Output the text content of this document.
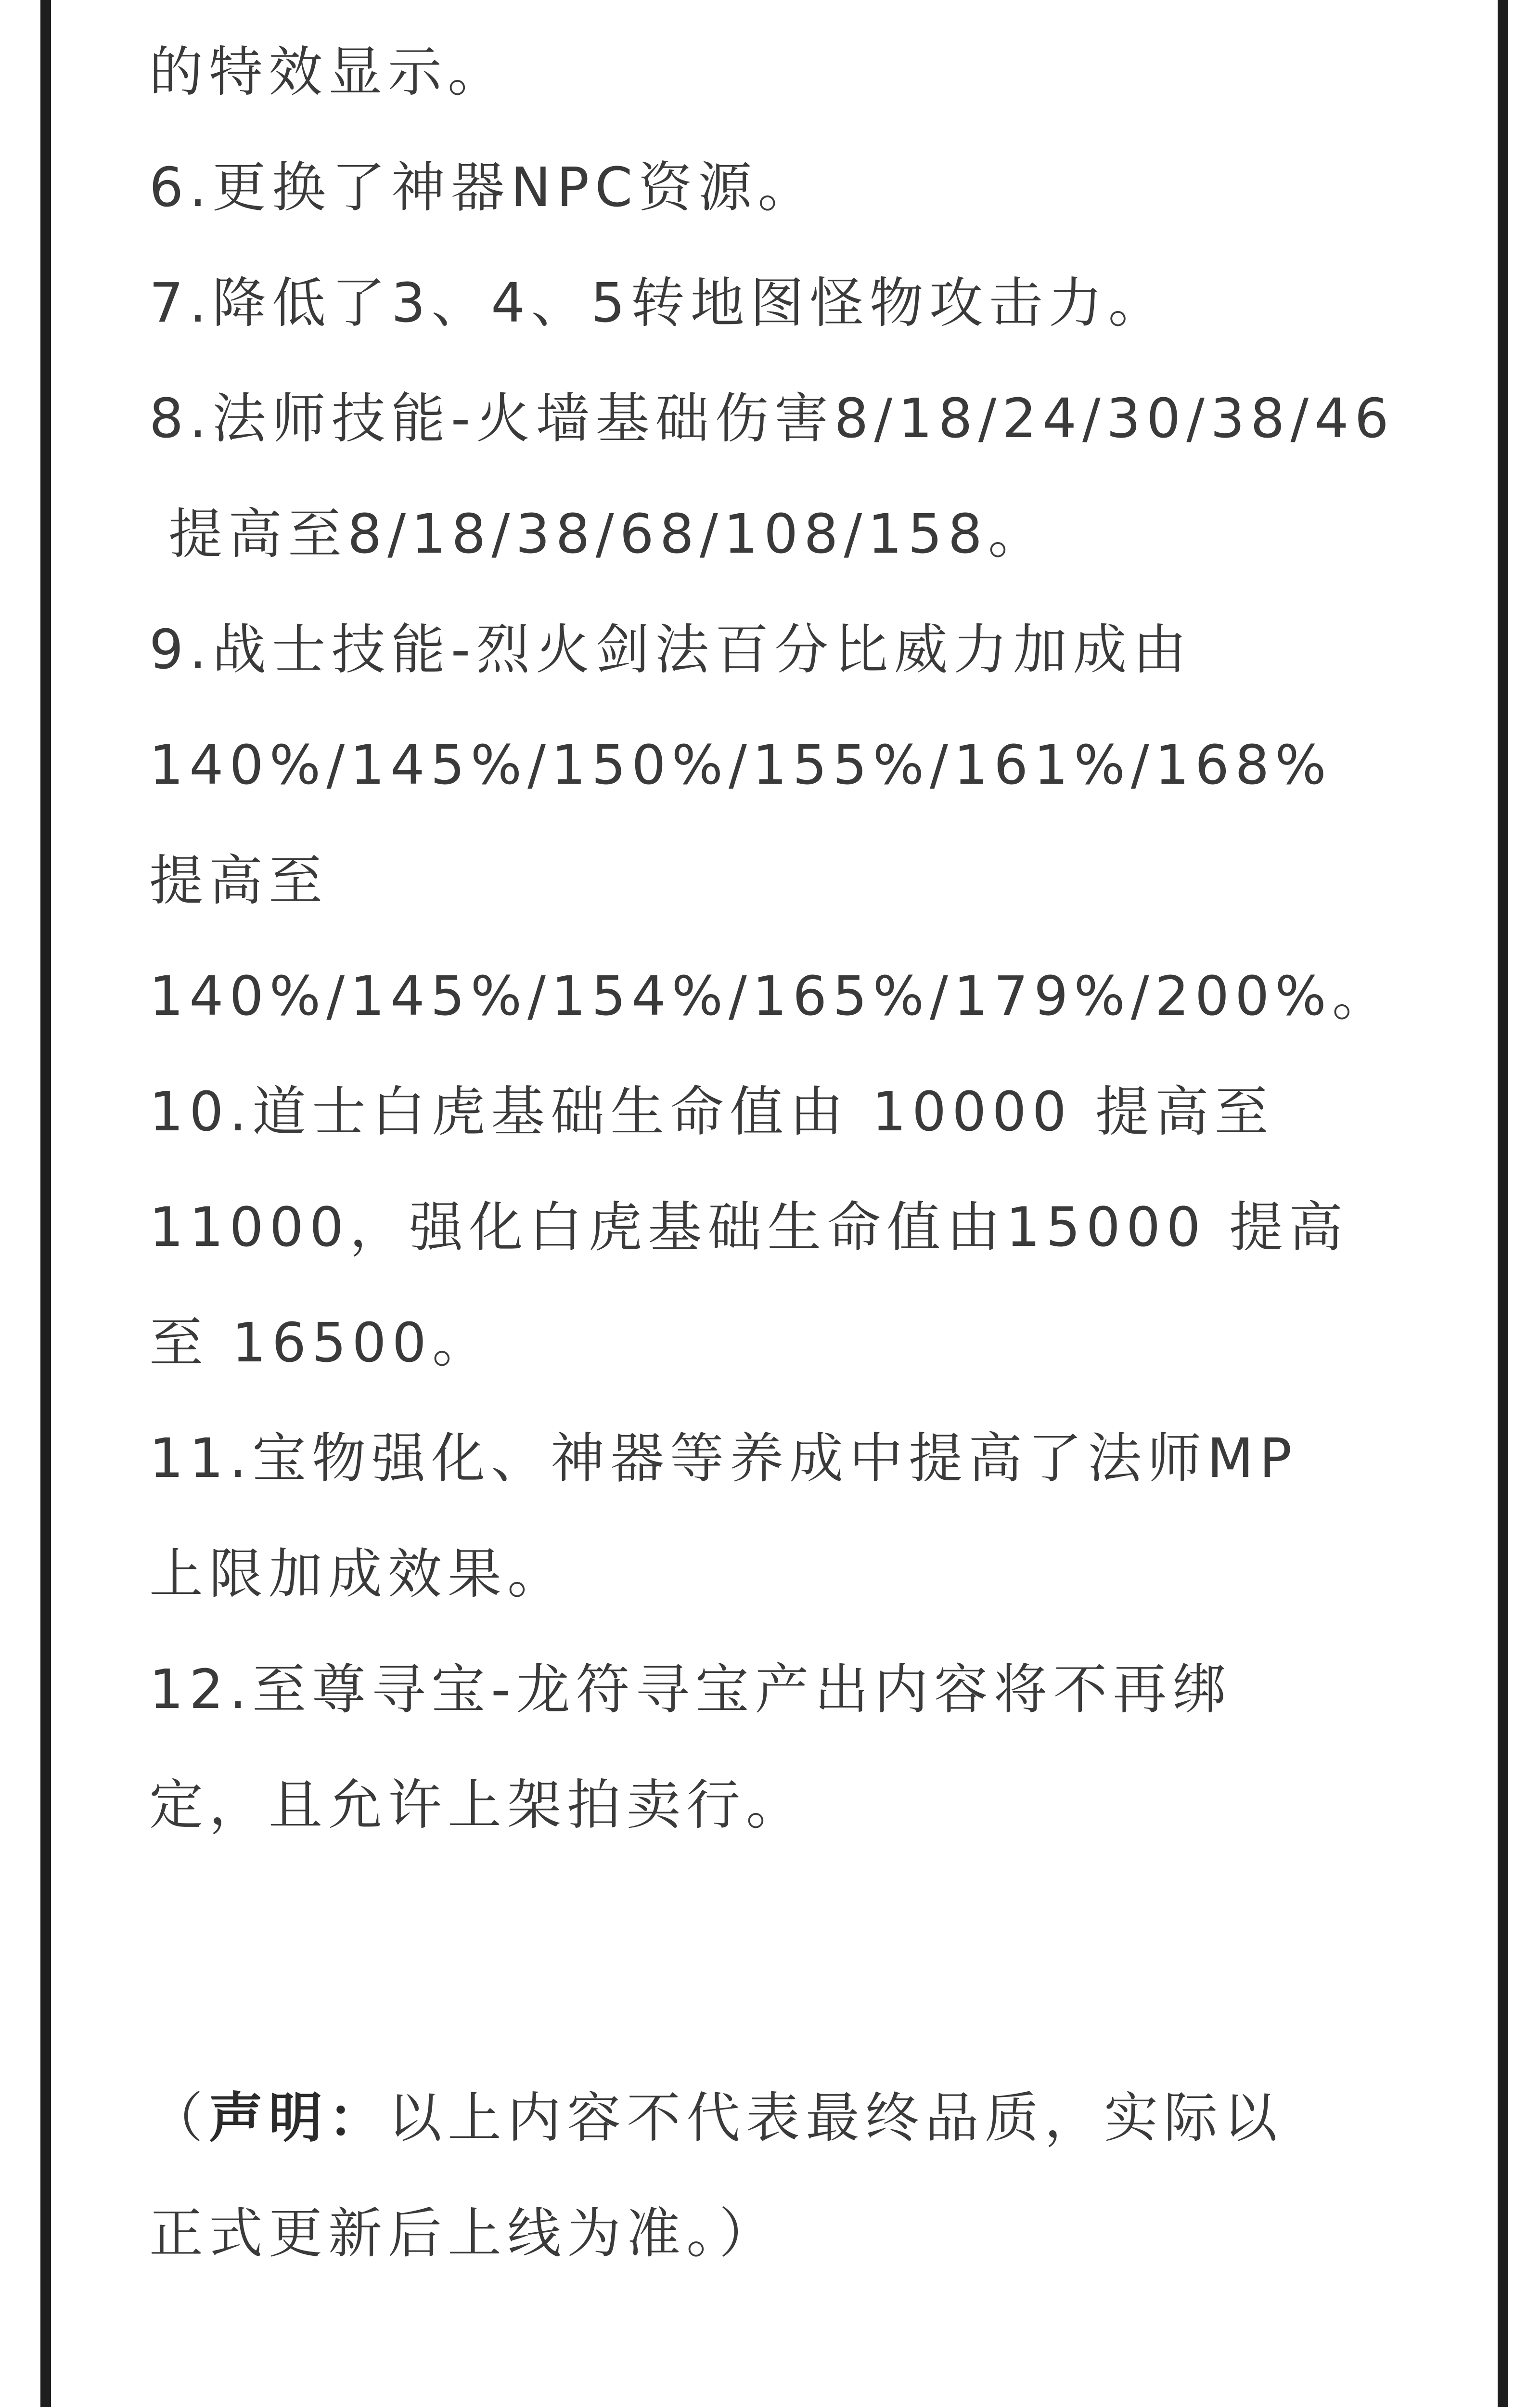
的特效显示。
6.更换了神器NPC资源。
7.降低了3、4、5转地图怪物攻击力。
8.法师技能-火墙基础伤害8/18/24/30/38/46
提高至8/18/38/68/108/158。
9.战士技能-烈火剑法百分比威力加成由
140%/145%/150%/155%/161%/168%
提高至
140%/145%/154%/165%/179%/200%。
10.道士白虎基础生命值由 10000 提高至
11000，强化白虎基础生命值由15000 提高
至 16500。
11.宝物强化、神器等养成中提高了法师MP
上限加成效果。
12.至尊寻宝-龙符寻宝产出内容将不再绑
定，且允许上架拍卖行。
（声明：以上内容不代表最终品质，实际以
正式更新后上线为准。）
